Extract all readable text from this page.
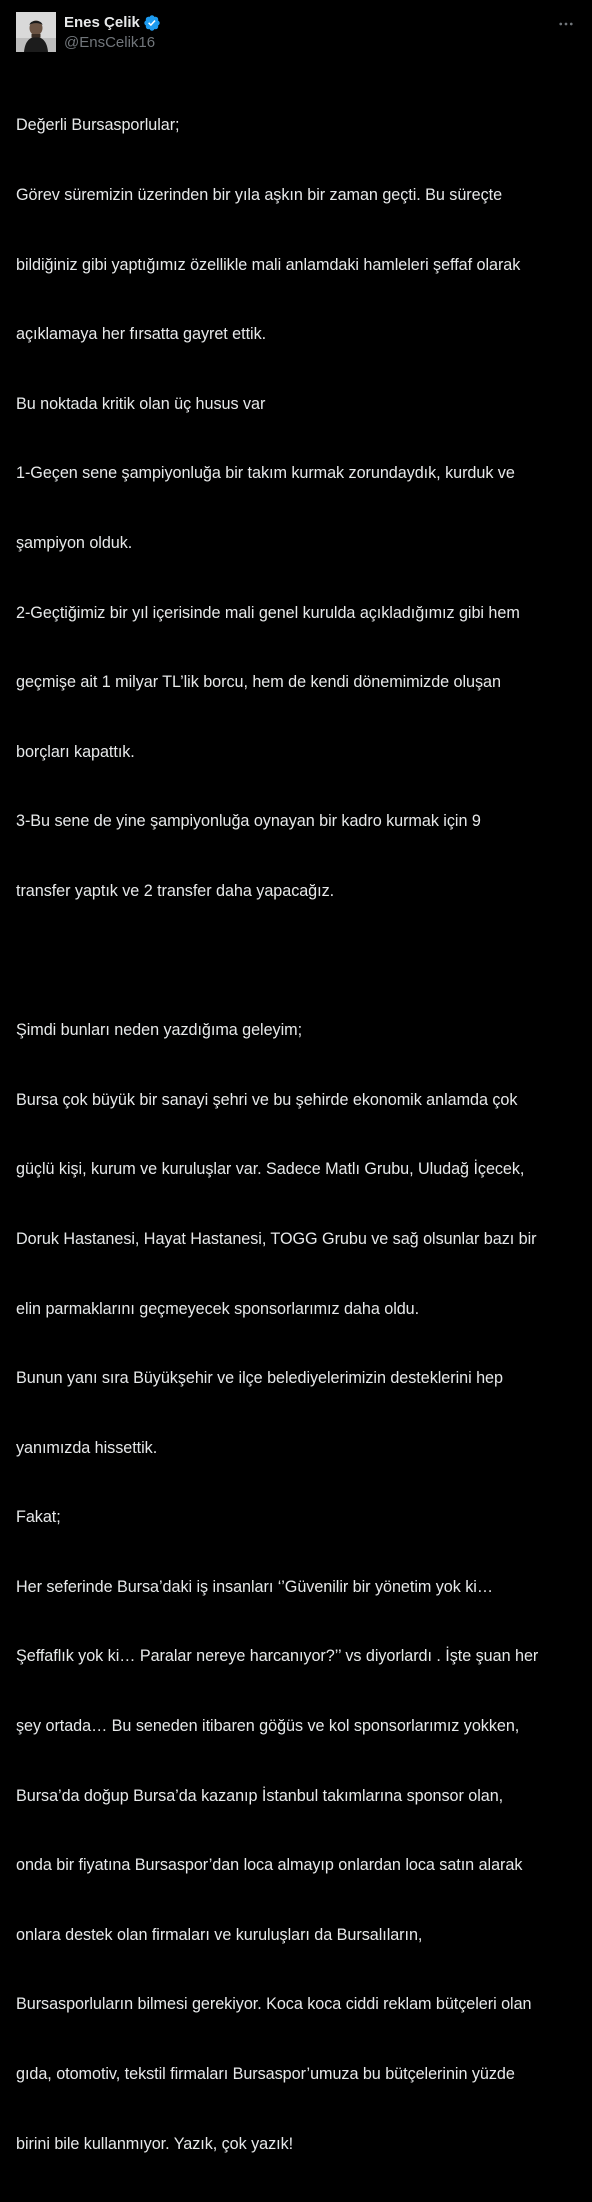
Enes Çelik
@EnsCelik16

Değerli Bursasporlular;

Görev süremizin üzerinden bir yıla aşkın bir zaman geçti. Bu süreçte

bildiğiniz gibi yaptığımız özellikle mali anlamdaki hamleleri şeffaf olarak

açıklamaya her fırsatta gayret ettik.

Bu noktada kritik olan üç husus var

1-Geçen sene şampiyonluğa bir takım kurmak zorundaydık, kurduk ve

şampiyon olduk.

2-Geçtiğimiz bir yıl içerisinde mali genel kurulda açıkladığımız gibi hem

geçmişe ait 1 milyar TL’lik borcu, hem de kendi dönemimizde oluşan

borçları kapattık.

3-Bu sene de yine şampiyonluğa oynayan bir kadro kurmak için 9

transfer yaptık ve 2 transfer daha yapacağız.

Şimdi bunları neden yazdığıma geleyim;

Bursa çok büyük bir sanayi şehri ve bu şehirde ekonomik anlamda çok

güçlü kişi, kurum ve kuruluşlar var. Sadece Matlı Grubu, Uludağ İçecek,

Doruk Hastanesi, Hayat Hastanesi, TOGG Grubu ve sağ olsunlar bazı bir

elin parmaklarını geçmeyecek sponsorlarımız daha oldu.

Bunun yanı sıra Büyükşehir ve ilçe belediyelerimizin desteklerini hep

yanımızda hissettik.

Fakat;

Her seferinde Bursa’daki iş insanları ‘’Güvenilir bir yönetim yok ki…

Şeffaflık yok ki… Paralar nereye harcanıyor?’’ vs diyorlardı . İşte şuan her

şey ortada… Bu seneden itibaren göğüs ve kol sponsorlarımız yokken,

Bursa’da doğup Bursa’da kazanıp İstanbul takımlarına sponsor olan,

onda bir fiyatına Bursaspor’dan loca almayıp onlardan loca satın alarak

onlara destek olan firmaları ve kuruluşları da Bursalıların,

Bursasporluların bilmesi gerekiyor. Koca koca ciddi reklam bütçeleri olan

gıda, otomotiv, tekstil firmaları Bursaspor’umuza bu bütçelerinin yüzde

birini bile kullanmıyor. Yazık, çok yazık!
